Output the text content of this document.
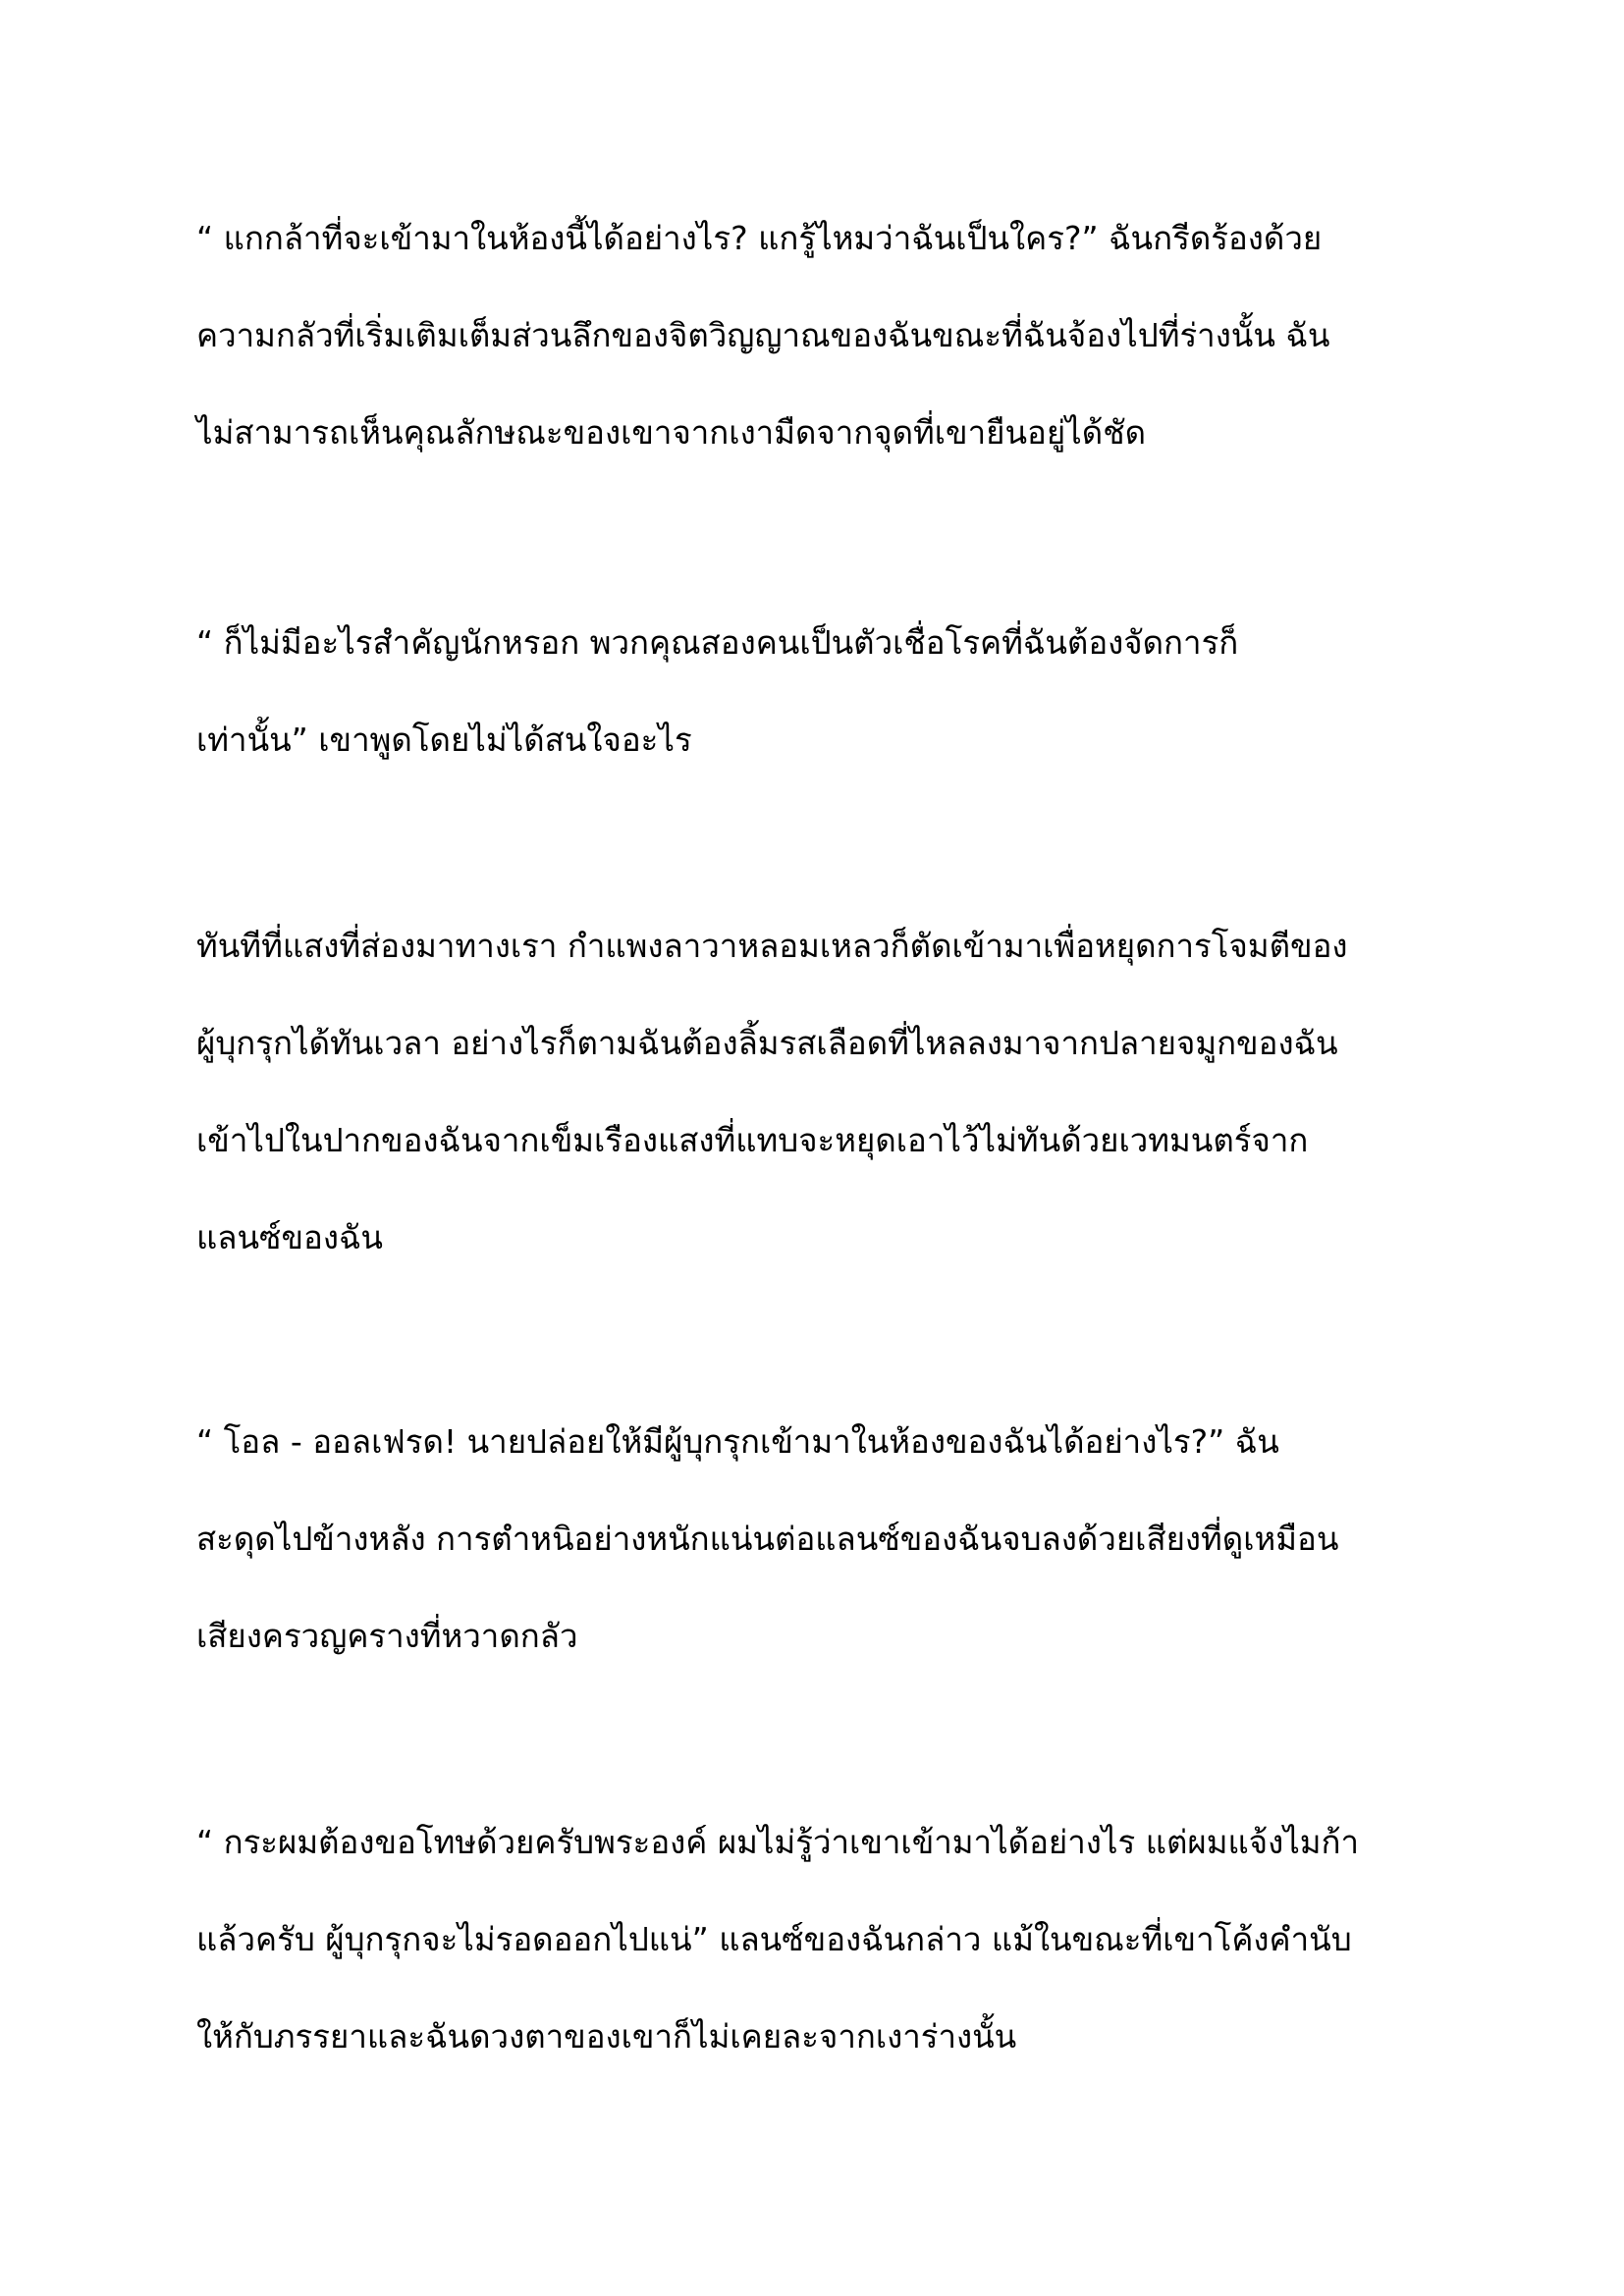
“ แกกล้าที่จะเข้ามาในห้องนี้ได้อย่างไร? แกรู้ไหมว่าฉันเป็นใคร?” ฉันกรีดร้องด้วย
ความกลัวที่เริ่มเติมเต็มส่วนลึกของจิตวิญญาณของฉันขณะที่ฉันจ้องไปที่ร่างนั้น ฉัน
ไม่สามารถเห็นคุณลักษณะของเขาจากเงามืดจากจุดที่เขายืนอยู่ได้ชัด

“ ก็ไม่มีอะไรสำคัญนักหรอก พวกคุณสองคนเป็นตัวเชื่อโรคที่ฉันต้องจัดการก็
เท่านั้น” เขาพูดโดยไม่ได้สนใจอะไร

ทันทีที่แสงที่ส่องมาทางเรา กำแพงลาวาหลอมเหลวก็ตัดเข้ามาเพื่อหยุดการโจมตีของ
ผู้บุกรุกได้ทันเวลา อย่างไรก็ตามฉันต้องลิ้มรสเลือดที่ไหลลงมาจากปลายจมูกของฉัน
เข้าไปในปากของฉันจากเข็มเรืองแสงที่แทบจะหยุดเอาไว้ไม่ทันด้วยเวทมนตร์จาก
แลนซ์ของฉัน

“ โอล - ออลเฟรด! นายปล่อยให้มีผู้บุกรุกเข้ามาในห้องของฉันได้อย่างไร?” ฉัน
สะดุดไปข้างหลัง การตำหนิอย่างหนักแน่นต่อแลนซ์ของฉันจบลงด้วยเสียงที่ดูเหมือน
เสียงครวญครางที่หวาดกลัว

“ กระผมต้องขอโทษด้วยครับพระองค์ ผมไม่รู้ว่าเขาเข้ามาได้อย่างไร แต่ผมแจ้งไมก้า
แล้วครับ ผู้บุกรุกจะไม่รอดออกไปแน่” แลนซ์ของฉันกล่าว แม้ในขณะที่เขาโค้งคำนับ
ให้กับภรรยาและฉันดวงตาของเขาก็ไม่เคยละจากเงาร่างนั้น
